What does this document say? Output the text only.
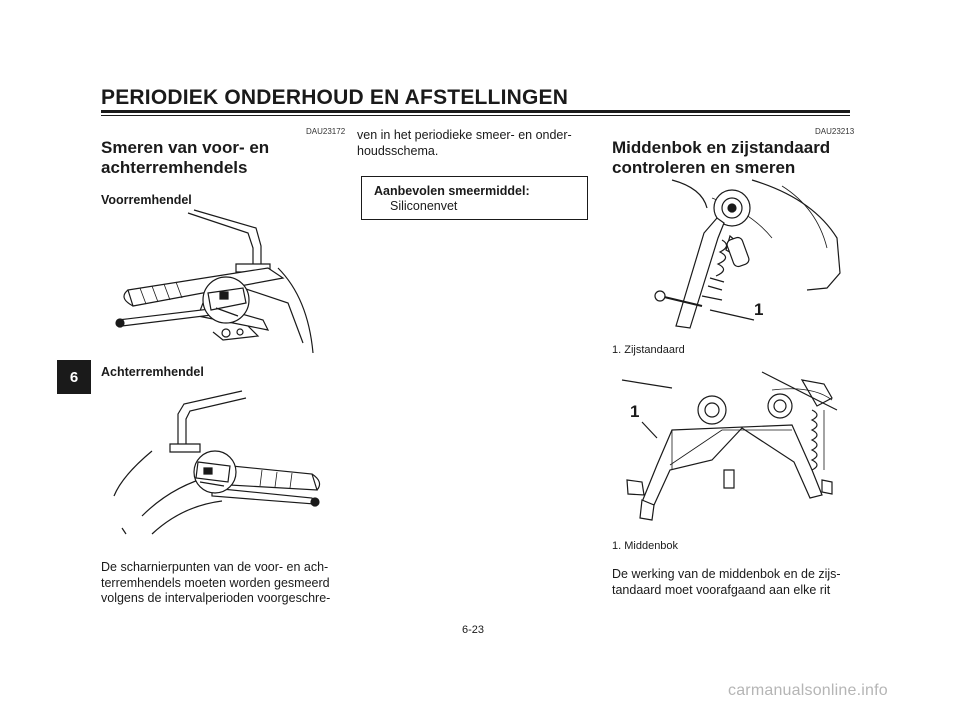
PERIODIEK ONDERHOUD EN AFSTELLINGEN
6
DAU23172
Smeren van voor- en
achterremhendels
Voorremhendel
Achterremhendel
De scharnierpunten van de voor- en ach-
terremhendels moeten worden gesmeerd
volgens de intervalperioden voorgeschre-
ven in het periodieke smeer- en onder-
houdsschema.
Aanbevolen smeermiddel:
Siliconenvet
DAU23213
Middenbok en zijstandaard
controleren en smeren
1
1. Zijstandaard
1
1. Middenbok
De werking van de middenbok en de zijs-
tandaard moet voorafgaand aan elke rit
6-23
carmanualsonline.info
